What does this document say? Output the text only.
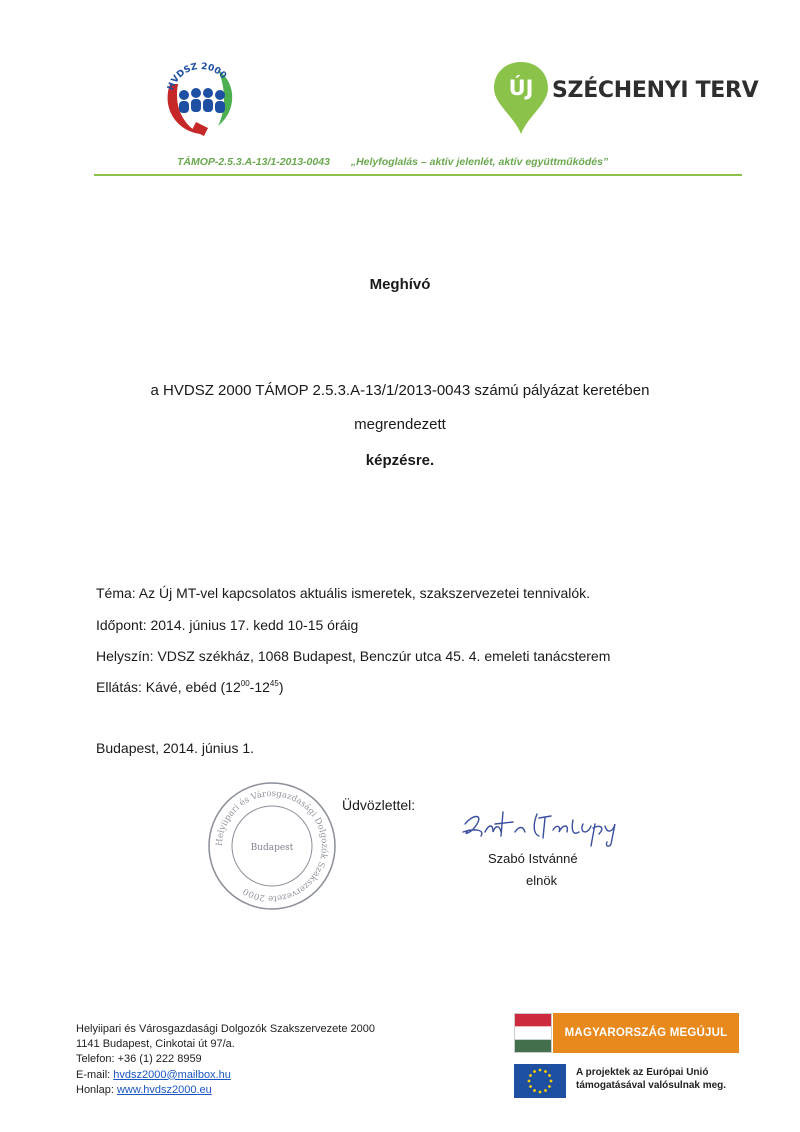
HVDSZ 2000
ÚJ SZÉCHENYI TERV
TÁMOP-2.5.3.A-13/1-2013-0043 „Helyfoglalás – aktív jelenlét, aktív együttműködés”
Meghívó
a HVDSZ 2000 TÁMOP 2.5.3.A-13/1/2013-0043 számú pályázat keretében
megrendezett
képzésre.
Téma: Az Új MT-vel kapcsolatos aktuális ismeretek, szakszervezetei tennivalók.
Időpont: 2014. június 17. kedd 10-15 óráig
Helyszín: VDSZ székház, 1068 Budapest, Benczúr utca 45. 4. emeleti tanácsterem
Ellátás: Kávé, ebéd $(12^{00}-12^{45})$
Budapest, 2014. június 1.
Üdvözlettel:
Helyiipari és Városgazdasági Dolgozók Szakszervezete 2000
Budapest
Szabó Istvánné
elnök
Helyiipari és Városgazdasági Dolgozók Szakszervezete 2000
1141 Budapest, Cinkotai út 97/a.
Telefon: +36 (1) 222 8959
E-mail: hvdsz2000@mailbox.hu
Honlap: www.hvdsz2000.eu
MAGYARORSZÁG MEGÚJUL
A projektek az Európai Unió
támogatásával valósulnak meg.
